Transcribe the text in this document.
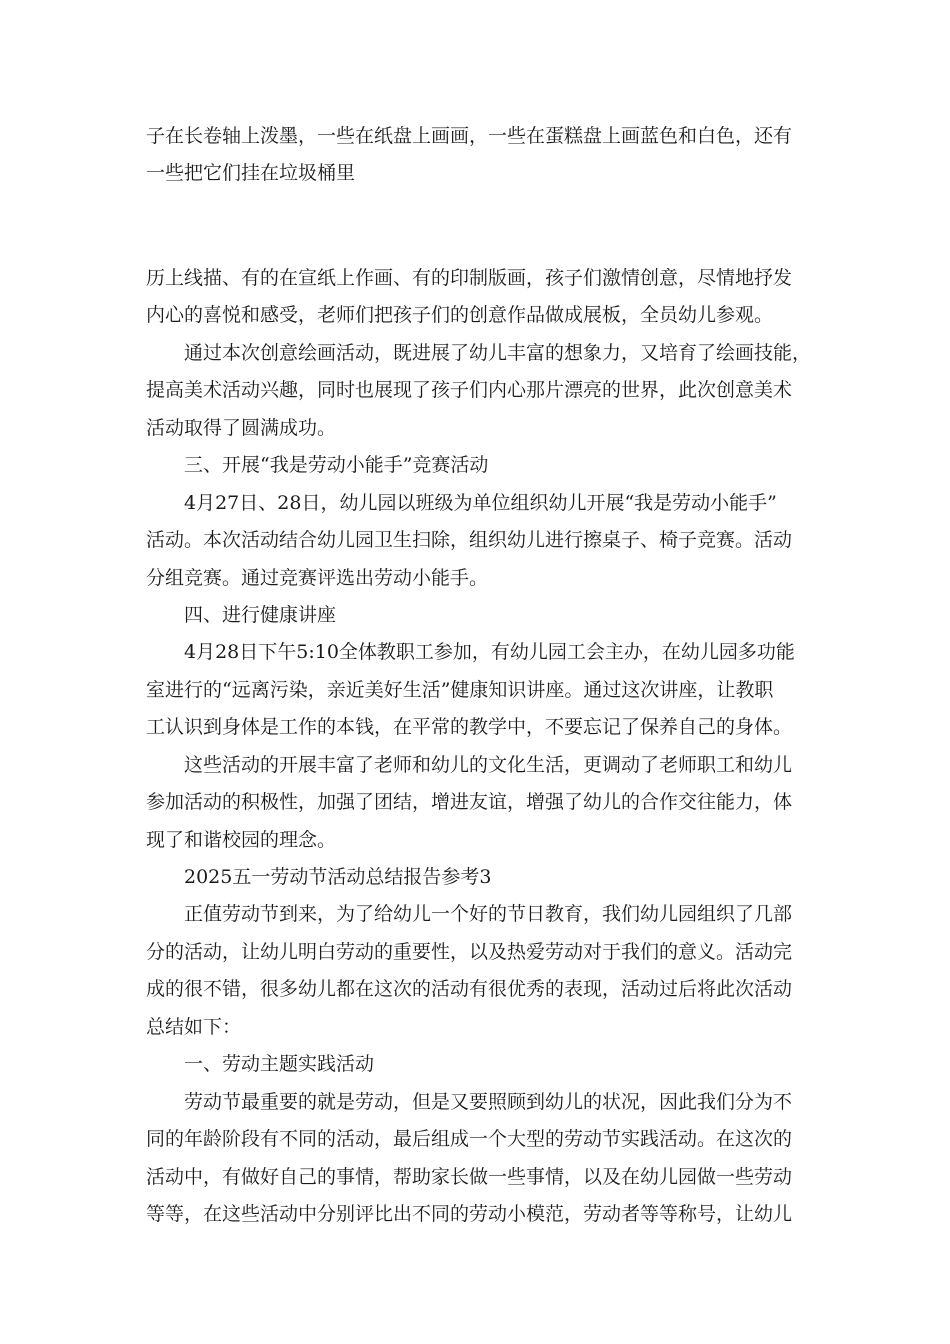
子在长卷轴上泼墨，一些在纸盘上画画，一些在蛋糕盘上画蓝色和白色，还有
一些把它们挂在垃圾桶里
历上线描、有的在宣纸上作画、有的印制版画，孩子们激情创意，尽情地抒发
内心的喜悦和感受，老师们把孩子们的创意作品做成展板，全员幼儿参观。
　　通过本次创意绘画活动，既进展了幼儿丰富的想象力，又培育了绘画技能，
提高美术活动兴趣，同时也展现了孩子们内心那片漂亮的世界，此次创意美术
活动取得了圆满成功。
　　三、开展“我是劳动小能手”竞赛活动
　　4月27日、28日，幼儿园以班级为单位组织幼儿开展“我是劳动小能手”
活动。本次活动结合幼儿园卫生扫除，组织幼儿进行擦桌子、椅子竞赛。活动
分组竞赛。通过竞赛评选出劳动小能手。
　　四、进行健康讲座
　　4月28日下午5:10全体教职工参加，有幼儿园工会主办，在幼儿园多功能
室进行的“远离污染，亲近美好生活”健康知识讲座。通过这次讲座，让教职
工认识到身体是工作的本钱，在平常的教学中，不要忘记了保养自己的身体。
　　这些活动的开展丰富了老师和幼儿的文化生活，更调动了老师职工和幼儿
参加活动的积极性，加强了团结，增进友谊，增强了幼儿的合作交往能力，体
现了和谐校园的理念。
　　2025五一劳动节活动总结报告参考3
　　正值劳动节到来，为了给幼儿一个好的节日教育，我们幼儿园组织了几部
分的活动，让幼儿明白劳动的重要性，以及热爱劳动对于我们的意义。活动完
成的很不错，很多幼儿都在这次的活动有很优秀的表现，活动过后将此次活动
总结如下：
　　一、劳动主题实践活动
　　劳动节最重要的就是劳动，但是又要照顾到幼儿的状况，因此我们分为不
同的年龄阶段有不同的活动，最后组成一个大型的劳动节实践活动。在这次的
活动中，有做好自己的事情，帮助家长做一些事情，以及在幼儿园做一些劳动
等等，在这些活动中分别评比出不同的劳动小模范，劳动者等等称号，让幼儿
